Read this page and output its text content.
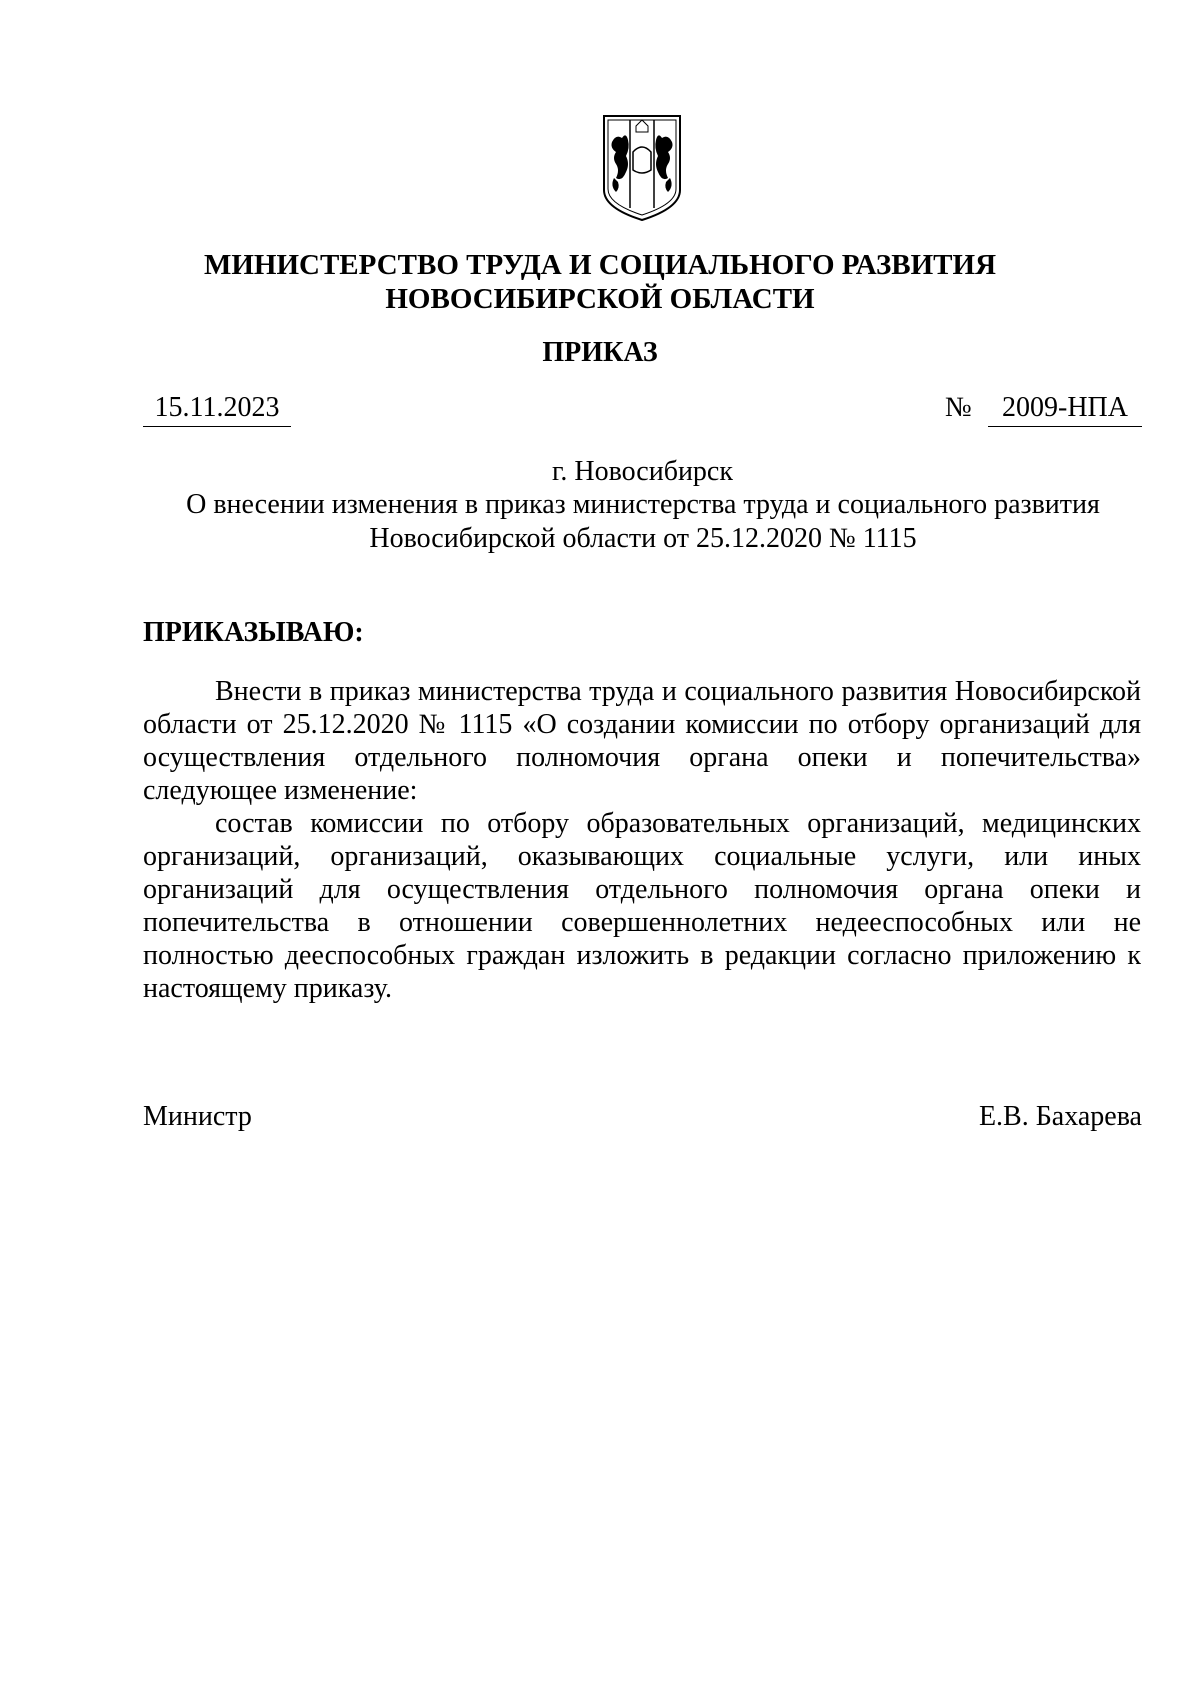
МИНИСТЕРСТВО ТРУДА И СОЦИАЛЬНОГО РАЗВИТИЯ
НОВОСИБИРСКОЙ ОБЛАСТИ
ПРИКАЗ
15.11.2023	№	2009-НПА
г. Новосибирск
О внесении изменения в приказ министерства труда и социального развития
Новосибирской области от 25.12.2020 № 1115
ПРИКАЗЫВАЮ:

Внести в приказ министерства труда и социального развития Новосибирской области от 25.12.2020 № 1115 «О создании комиссии по отбору организаций для осуществления отдельного полномочия органа опеки и попечительства» следующее изменение:

состав комиссии по отбору образовательных организаций, медицинских организаций, организаций, оказывающих социальные услуги, или иных организаций для осуществления отдельного полномочия органа опеки и попечительства в отношении совершеннолетних недееспособных или не полностью дееспособных граждан изложить в редакции согласно приложению к настоящему приказу.

Министр	Е.В. Бахарева
